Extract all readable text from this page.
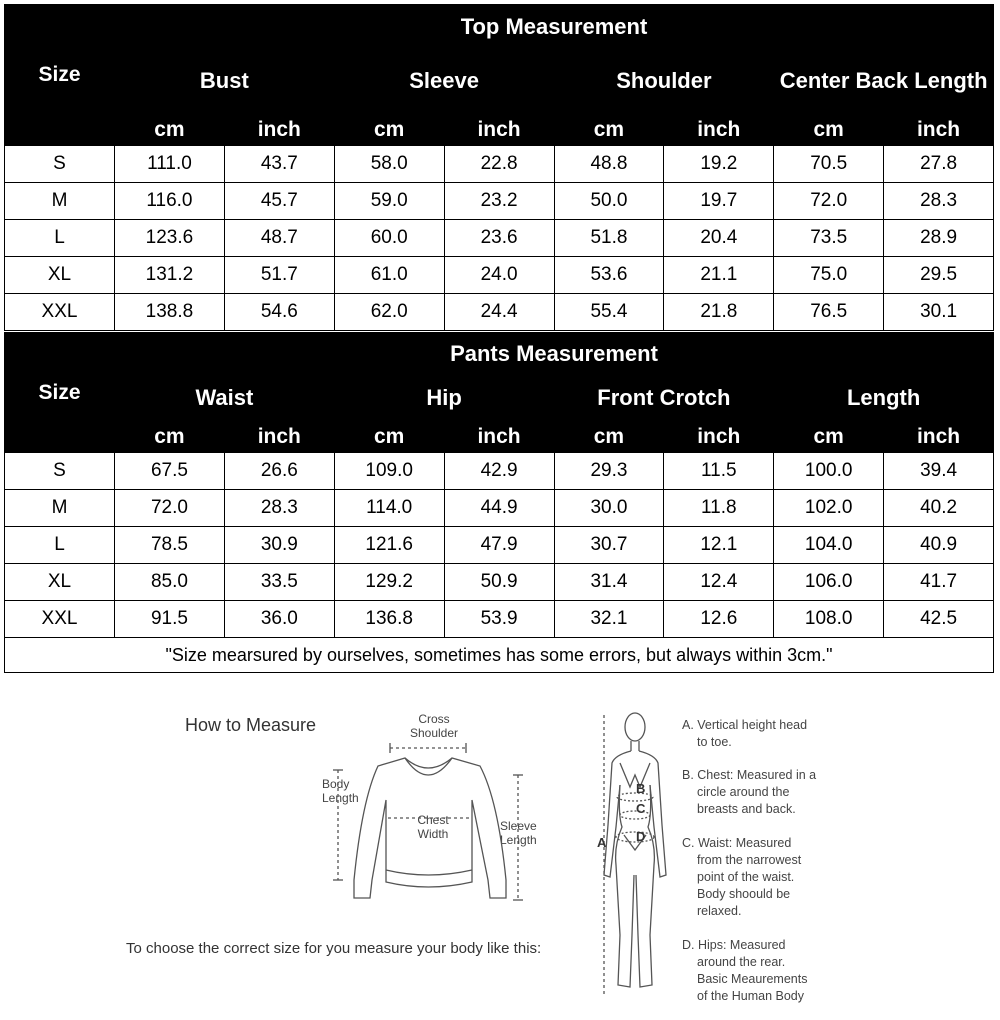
Size	Top Measurement							
	Bust		Sleeve		Shoulder		Center Back Length	
	cm	inch	cm	inch	cm	inch	cm	inch
S	111.0	43.7	58.0	22.8	48.8	19.2	70.5	27.8
M	116.0	45.7	59.0	23.2	50.0	19.7	72.0	28.3
L	123.6	48.7	60.0	23.6	51.8	20.4	73.5	28.9
XL	131.2	51.7	61.0	24.0	53.6	21.1	75.0	29.5
XXL	138.8	54.6	62.0	24.4	55.4	21.8	76.5	30.1
Size	Pants Measurement							
	Waist		Hip		Front Crotch		Length	
	cm	inch	cm	inch	cm	inch	cm	inch
S	67.5	26.6	109.0	42.9	29.3	11.5	100.0	39.4
M	72.0	28.3	114.0	44.9	30.0	11.8	102.0	40.2
L	78.5	30.9	121.6	47.9	30.7	12.1	104.0	40.9
XL	85.0	33.5	129.2	50.9	31.4	12.4	106.0	41.7
XXL	91.5	36.0	136.8	53.9	32.1	12.6	108.0	42.5
"Size mearsured by ourselves, sometimes has some errors, but always within 3cm."								
How to Measure	Cross
Shoulder
Body
Length
Chest
Width
Sleeve
Length
To choose the correct size for you measure your body like this:
A
B
C
D
A. Vertical height head
to toe.
B. Chest: Measured in a
circle around the
breasts and back.
C. Waist: Measured
from the narrowest
point of the waist.
Body shoould be
relaxed.
D. Hips: Measured
around the rear.
Basic Meaurements
of the Human Body
